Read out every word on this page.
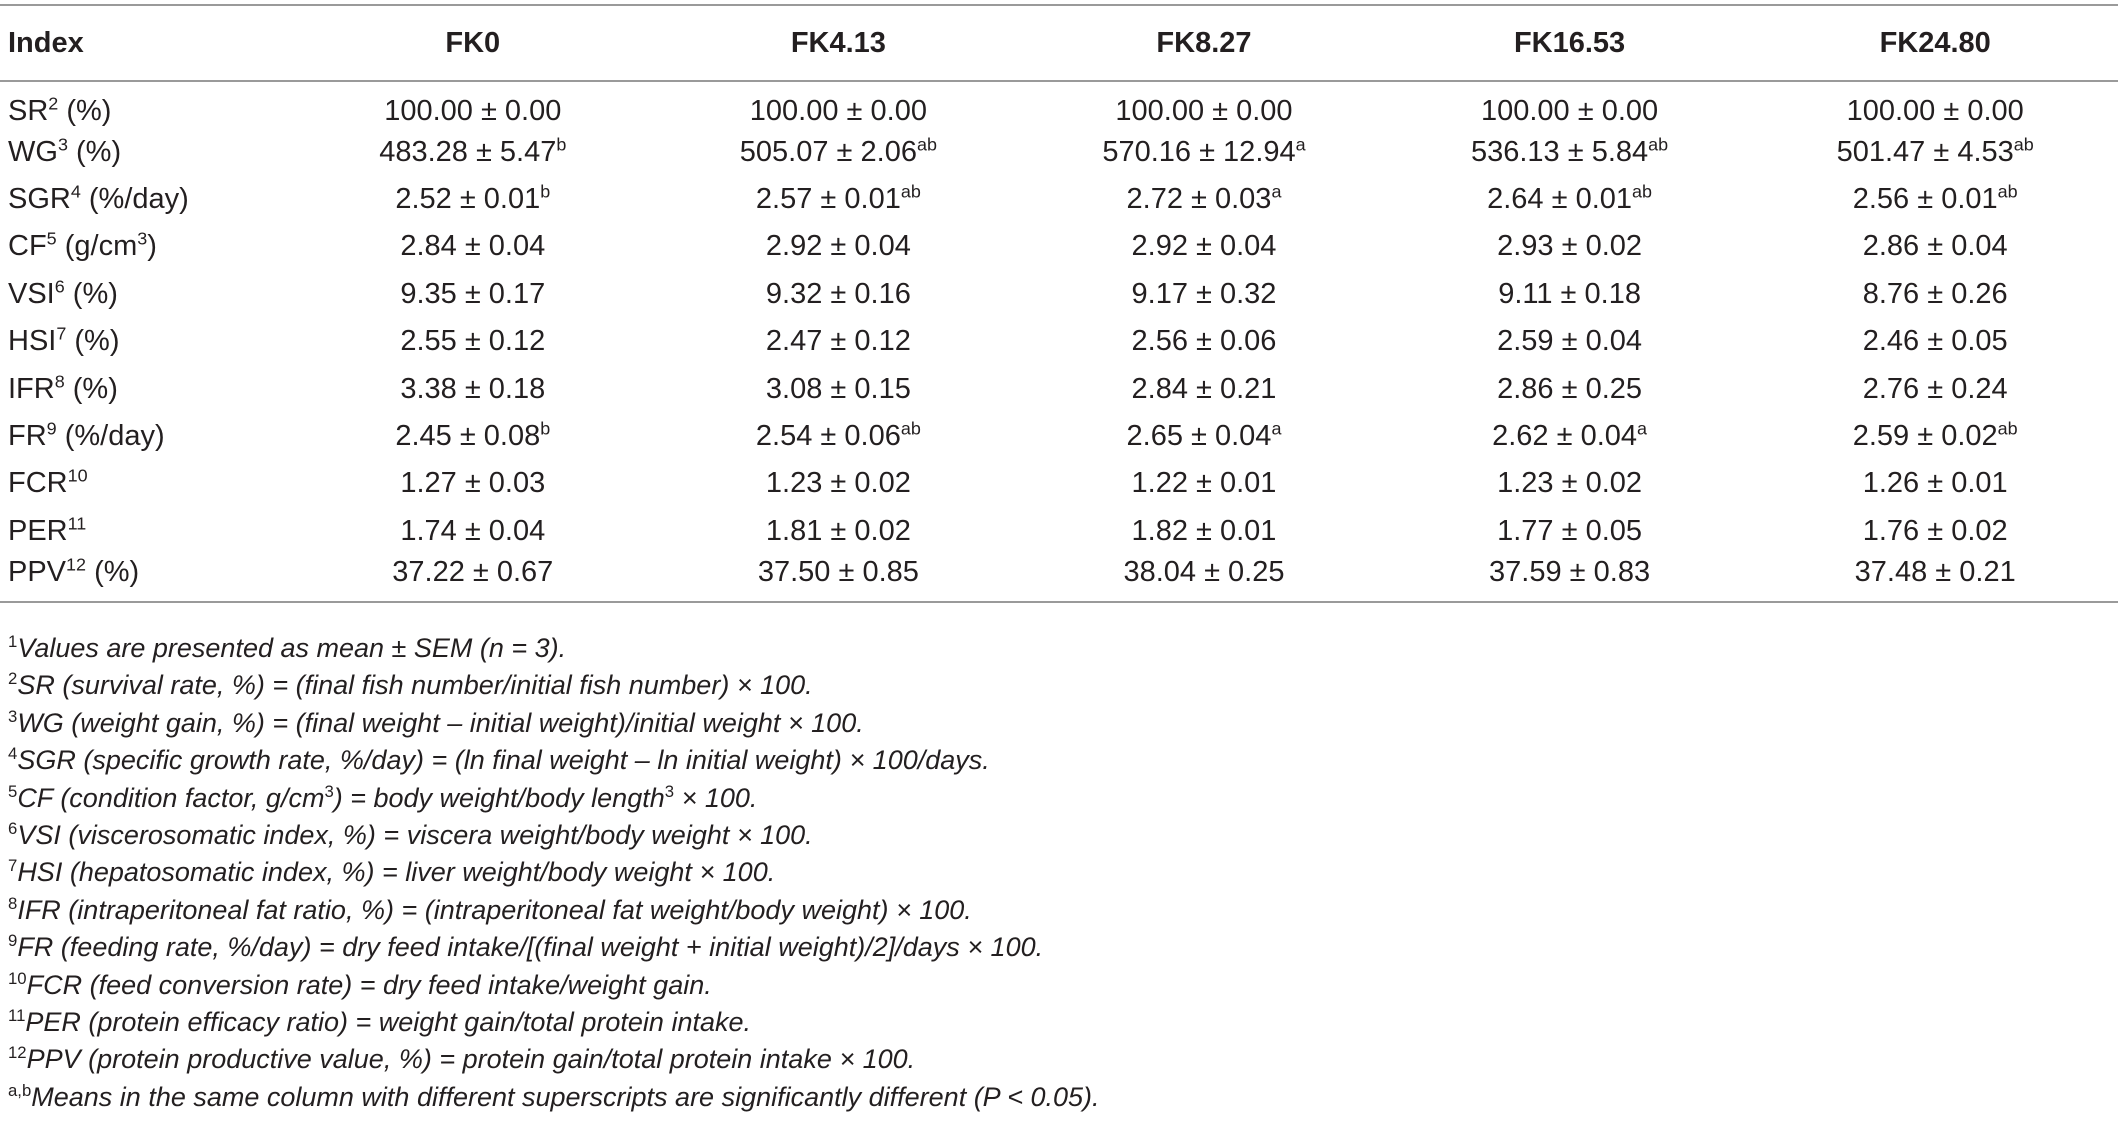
Index	FK0	FK4.13	FK8.27	FK16.53	FK24.80
$SR^2$ (%)	100.00 ± 0.00	100.00 ± 0.00	100.00 ± 0.00	100.00 ± 0.00	100.00 ± 0.00
$WG^3$ (%)	483.28 ± 5.47$^b$	505.07 ± 2.06$^{ab}$	570.16 ± 12.94$^a$	536.13 ± 5.84$^{ab}$	501.47 ± 4.53$^{ab}$
SGR$^4$ (%/day)	2.52 ± 0.01$^b$	2.57 ± 0.01$^{ab}$	2.72 ± 0.03$^a$	2.64 ± 0.01$^{ab}$	2.56 ± 0.01$^{ab}$
$CF^5$ $(g/cm^3)$	2.84 ± 0.04	2.92 ± 0.04	2.92 ± 0.04	2.93 ± 0.02	2.86 ± 0.04
VSI$^6$ (%)	9.35 ± 0.17	9.32 ± 0.16	9.17 ± 0.32	9.11 ± 0.18	8.76 ± 0.26
HSI$^7$ (%)	2.55 ± 0.12	2.47 ± 0.12	2.56 ± 0.06	2.59 ± 0.04	2.46 ± 0.05
IFR$^8$ (%)	3.38 ± 0.18	3.08 ± 0.15	2.84 ± 0.21	2.86 ± 0.25	2.76 ± 0.24
$FR^9$ (%/day)	2.45 ± 0.08$^b$	2.54 ± 0.06$^{ab}$	2.65 ± 0.04$^a$	2.62 ± 0.04$^a$	2.59 ± 0.02$^{ab}$
FCR$^{10}$	1.27 ± 0.03	1.23 ± 0.02	1.22 ± 0.01	1.23 ± 0.02	1.26 ± 0.01
PER$^{11}$	1.74 ± 0.04	1.81 ± 0.02	1.82 ± 0.01	1.77 ± 0.05	1.76 ± 0.02
PPV$^{12}$ (%)	37.22 ± 0.67	37.50 ± 0.85	38.04 ± 0.25	37.59 ± 0.83	37.48 ± 0.21
$^1$Values are presented as mean ± SEM (n = 3).
$^2$SR (survival rate, %) = (final fish number/initial fish number) × 100.
$^3$WG (weight gain, %) = (final weight – initial weight)/initial weight × 100.
$^4$SGR (specific growth rate, %/day) = (ln final weight – ln initial weight) × 100/days.
$^5$CF (condition factor, $g/cm^3$) = body weight/body length$^3$ × 100.
$^6$VSI (viscerosomatic index, %) = viscera weight/body weight × 100.
$^7$HSI (hepatosomatic index, %) = liver weight/body weight × 100.
$^8$IFR (intraperitoneal fat ratio, %) = (intraperitoneal fat weight/body weight) × 100.
$^9$FR (feeding rate, %/day) = dry feed intake/[(final weight + initial weight)/2]/days × 100.
$^{10}$FCR (feed conversion rate) = dry feed intake/weight gain.
$^{11}$PER (protein efficacy ratio) = weight gain/total protein intake.
$^{12}$PPV (protein productive value, %) = protein gain/total protein intake × 100.
$^{a,b}$Means in the same column with different superscripts are significantly different (P < 0.05).
